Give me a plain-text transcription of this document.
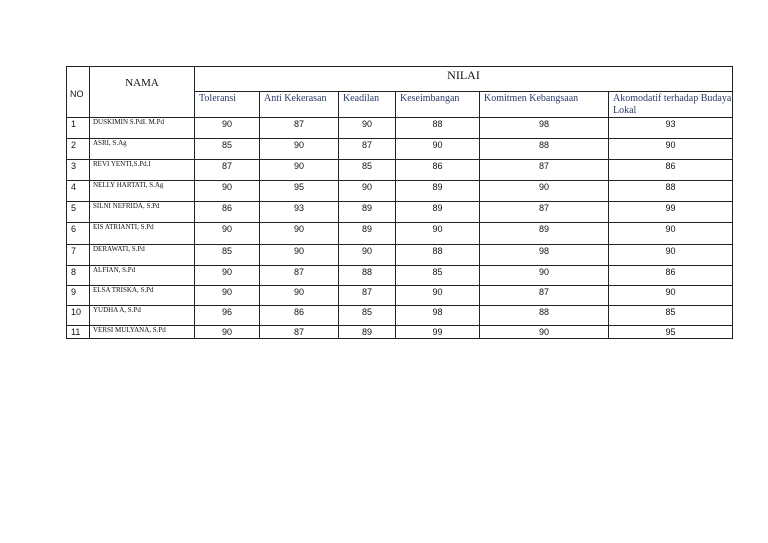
NO	NAMA	NILAI					
		Toleransi	Anti Kekerasan	Keadilan	Keseimbangan	Komitmen Kebangsaan	Akomodatif terhadap Budaya Lokal
1	DUSKIMIN S.PdI. M.Pd	90	87	90	88	98	93
2	ASRI, S.Ag	85	90	87	90	88	90
3	REVI YENTI,S.Pd.I	87	90	85	86	87	86
4	NELLY HARTATI, S.Ag	90	95	90	89	90	88
5	SILNI NEFRIDA, S.Pd	86	93	89	89	87	99
6	EIS ATRIANTI, S.Pd	90	90	89	90	89	90
7	DERAWATI, S.Pd	85	90	90	88	98	90
8	ALFIAN, S.Pd	90	87	88	85	90	86
9	ELSA TRISKA, S.Pd	90	90	87	90	87	90
10	YUDHA A, S.Pd	96	86	85	98	88	85
11	VERSI MULYANA, S.Pd	90	87	89	99	90	95
